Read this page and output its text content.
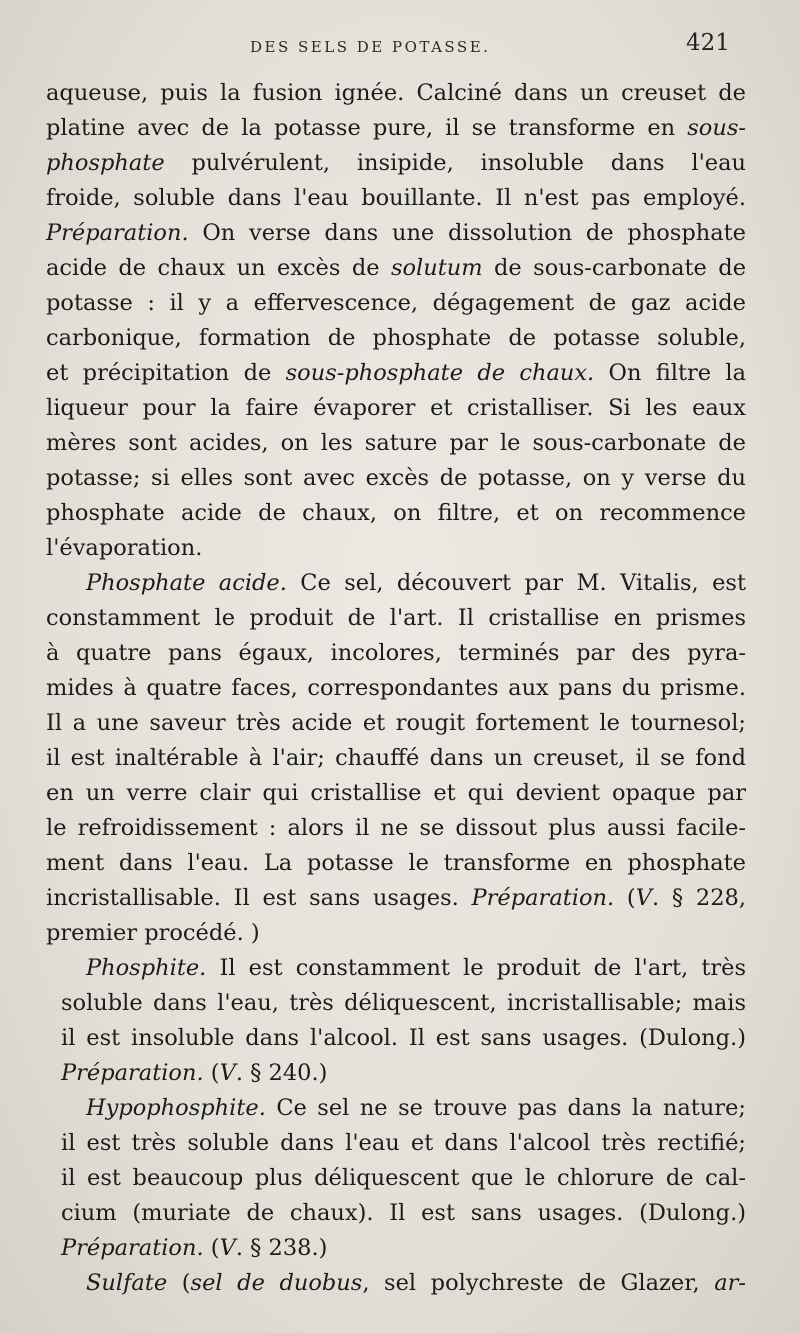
DES SELS DE POTASSE.	421
aqueuse, puis la fusion ignée. Calciné dans un creuset de
platine avec de la potasse pure, il se transforme en sous-
phosphate pulvérulent, insipide, insoluble dans l'eau
froide, soluble dans l'eau bouillante. Il n'est pas employé.
Préparation. On verse dans une dissolution de phosphate
acide de chaux un excès de solutum de sous-carbonate de
potasse : il y a effervescence, dégagement de gaz acide
carbonique, formation de phosphate de potasse soluble,
et précipitation de sous-phosphate de chaux. On filtre la
liqueur pour la faire évaporer et cristalliser. Si les eaux
mères sont acides, on les sature par le sous-carbonate de
potasse; si elles sont avec excès de potasse, on y verse du
phosphate acide de chaux, on filtre, et on recommence
l'évaporation.
Phosphate acide. Ce sel, découvert par M. Vitalis, est
constamment le produit de l'art. Il cristallise en prismes
à quatre pans égaux, incolores, terminés par des pyra-
mides à quatre faces, correspondantes aux pans du prisme.
Il a une saveur très acide et rougit fortement le tournesol;
il est inaltérable à l'air; chauffé dans un creuset, il se fond
en un verre clair qui cristallise et qui devient opaque par
le refroidissement : alors il ne se dissout plus aussi facile-
ment dans l'eau. La potasse le transforme en phosphate
incristallisable. Il est sans usages. Préparation. (V. § 228,
premier procédé. )
Phosphite. Il est constamment le produit de l'art, très
soluble dans l'eau, très déliquescent, incristallisable; mais
il est insoluble dans l'alcool. Il est sans usages. (Dulong.)
Préparation. (V. § 240.)
Hypophosphite. Ce sel ne se trouve pas dans la nature;
il est très soluble dans l'eau et dans l'alcool très rectifié;
il est beaucoup plus déliquescent que le chlorure de cal-
cium (muriate de chaux). Il est sans usages. (Dulong.)
Préparation. (V. § 238.)
Sulfate (sel de duobus, sel polychreste de Glazer, ar-
